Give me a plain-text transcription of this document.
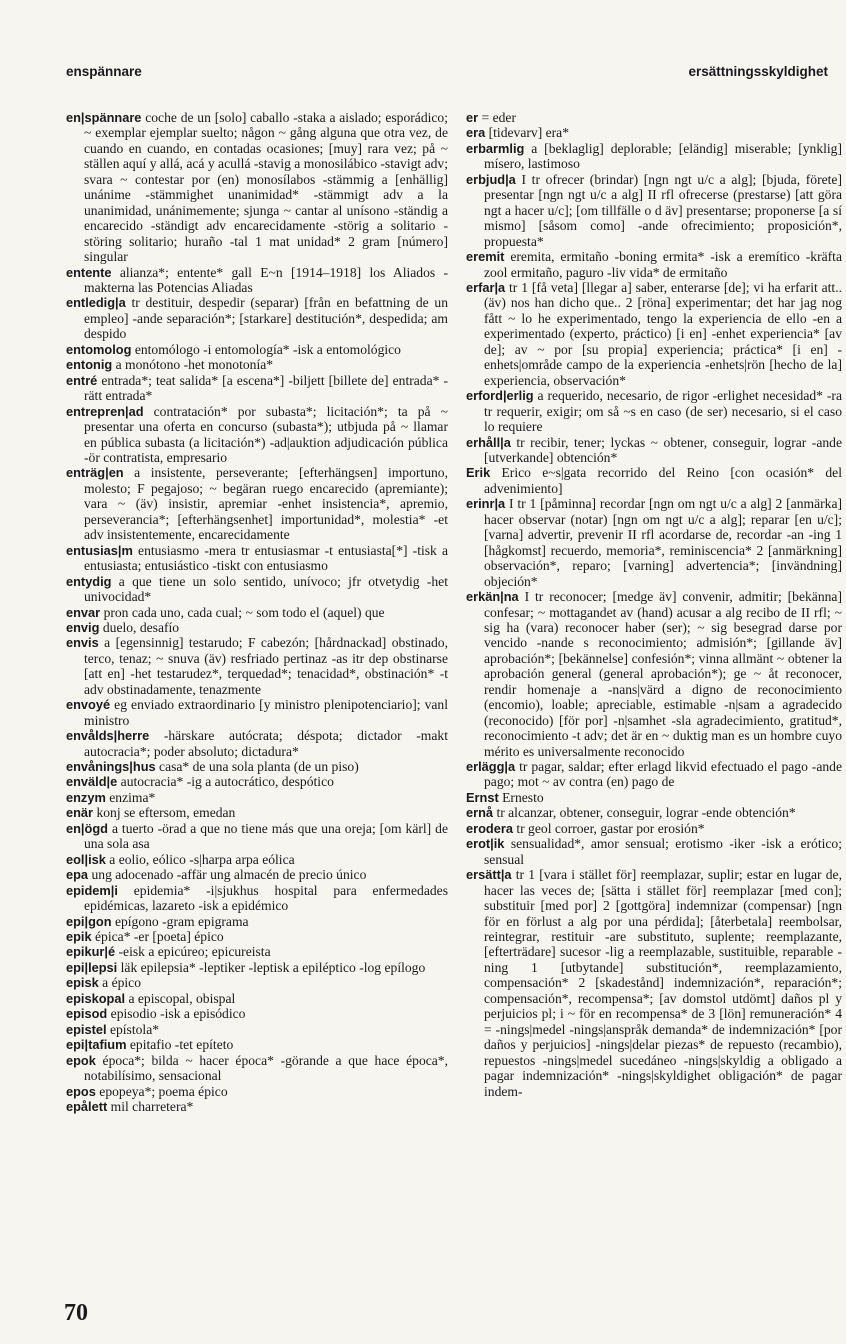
enspännare	ersättningsskyldighet

en|spännare coche de un [solo] caballo -staka a aislado; esporádico; ~ exemplar ejemplar suelto; någon ~ gång alguna que otra vez, de cuando en cuando, en contadas ocasiones; [muy] rara vez; på ~ ställen aquí y allá, acá y acullá -stavig a monosilábico -stavigt adv; svara ~ contestar por (en) monosílabos -stämmig a [enhällig] unánime -stämmighet unanimidad* -stämmigt adv a la unanimidad, unánimemente; sjunga ~ cantar al unísono -ständig a encarecido -ständigt adv encarecidamente -störig a solitario -störing solitario; huraño -tal 1 mat unidad* 2 gram [número] singular

entente alianza*; entente* gall E~n [1914–1918] los Aliados -makterna las Potencias Aliadas

entledig|a tr destituir, despedir (separar) [från en befattning de un empleo] -ande separación*; [starkare] destitución*, despedida; am despido

entomolog entomólogo -i entomología* -isk a entomológico

entonig a monótono -het monotonía*

entré entrada*; teat salida* [a escena*] -biljett [billete de] entrada* -rätt entrada*

entrepren|ad contratación* por subasta*; licitación*; ta på ~ presentar una oferta en concurso (subasta*); utbjuda på ~ llamar en pública subasta (a licitación*) -ad|auktion adjudicación pública -ör contratista, empresario

enträg|en a insistente, perseverante; [efterhängsen] importuno, molesto; F pegajoso; ~ begäran ruego encarecido (apremiante); vara ~ (äv) insistir, apremiar -enhet insistencia*, apremio, perseverancia*; [efterhängsenhet] importunidad*, molestia* -et adv insistentemente, encarecidamente

entusias|m entusiasmo -mera tr entusiasmar -t entusiasta[*] -tisk a entusiasta; entusiástico -tiskt con entusiasmo

entydig a que tiene un solo sentido, unívoco; jfr otvetydig -het univocidad*

envar pron cada uno, cada cual; ~ som todo el (aquel) que

envig duelo, desafío

envis a [egensinnig] testarudo; F cabezón; [hårdnackad] obstinado, terco, tenaz; ~ snuva (äv) resfriado pertinaz -as itr dep obstinarse [att en] -het testarudez*, terquedad*; tenacidad*, obstinación* -t adv obstinadamente, tenazmente

envoyé eg enviado extraordinario [y ministro plenipotenciario]; vanl ministro

envålds|herre -härskare autócrata; déspota; dictador -makt autocracia*; poder absoluto; dictadura*

envånings|hus casa* de una sola planta (de un piso)

enväld|e autocracia* -ig a autocrático, despótico

enzym enzima*

enär konj se eftersom, emedan

en|ögd a tuerto -örad a que no tiene más que una oreja; [om kärl] de una sola asa

eol|isk a eolio, eólico -s|harpa arpa eólica

epa ung adocenado -affär ung almacén de precio único

epidem|i epidemia* -i|sjukhus hospital para enfermedades epidémicas, lazareto -isk a epidémico

epi|gon epígono -gram epigrama

epik épica* -er [poeta] épico

epikur|é -eisk a epicúreo; epicureista

epi|lepsi läk epilepsia* -leptiker -leptisk a epiléptico -log epílogo

episk a épico

episkopal a episcopal, obispal

episod episodio -isk a episódico

epistel epístola*

epi|tafium epitafio -tet epíteto

epok época*; bilda ~ hacer época* -görande a que hace época*, notabilísimo, sensacional

epos epopeya*; poema épico

epålett mil charretera*

er = eder

era [tidevarv] era*

erbarmlig a [beklaglig] deplorable; [eländig] miserable; [ynklig] mísero, lastimoso

erbjud|a I tr ofrecer (brindar) [ngn ngt u/c a alg]; [bjuda, förete] presentar [ngn ngt u/c a alg] II rfl ofrecerse (prestarse) [att göra ngt a hacer u/c]; [om tillfälle o d äv] presentarse; proponerse [a sí mismo] [såsom como] -ande ofrecimiento; proposición*, propuesta*

eremit eremita, ermitaño -boning ermita* -isk a eremítico -kräfta zool ermitaño, paguro -liv vida* de ermitaño

erfar|a tr 1 [få veta] [llegar a] saber, enterarse [de]; vi ha erfarit att.. (äv) nos han dicho que.. 2 [röna] experimentar; det har jag nog fått ~ lo he experimentado, tengo la experiencia de ello -en a experimentado (experto, práctico) [i en] -enhet experiencia* [av de]; av ~ por [su propia] experiencia; práctica* [i en] -enhets|område campo de la experiencia -enhets|rön [hecho de la] experiencia, observación*

erford|erlig a requerido, necesario, de rigor -erlighet necesidad* -ra tr requerir, exigir; om så ~s en caso (de ser) necesario, si el caso lo requiere

erhåll|a tr recibir, tener; lyckas ~ obtener, conseguir, lograr -ande [utverkande] obtención*

Erik Erico e~s|gata recorrido del Reino [con ocasión* del advenimiento]

erinr|a I tr 1 [påminna] recordar [ngn om ngt u/c a alg] 2 [anmärka] hacer observar (notar) [ngn om ngt u/c a alg]; reparar [en u/c]; [varna] advertir, prevenir II rfl acordarse de, recordar -an -ing 1 [hågkomst] recuerdo, memoria*, reminiscencia* 2 [anmärkning] observación*, reparo; [varning] advertencia*; [invändning] objeción*

erkän|na I tr reconocer; [medge äv] convenir, admitir; [bekänna] confesar; ~ mottagandet av (hand) acusar a alg recibo de II rfl; ~ sig ha (vara) reconocer haber (ser); ~ sig besegrad darse por vencido -nande s reconocimiento; admisión*; [gillande äv] aprobación*; [bekännelse] confesión*; vinna allmänt ~ obtener la aprobación general (general aprobación*); ge ~ åt reconocer, rendir homenaje a -nans|värd a digno de reconocimiento (encomio), loable; apreciable, estimable -n|sam a agradecido (reconocido) [för por] -n|samhet -sla agradecimiento, gratitud*, reconocimiento -t adv; det är en ~ duktig man es un hombre cuyo mérito es universalmente reconocido

erlägg|a tr pagar, saldar; efter erlagd likvid efectuado el pago -ande pago; mot ~ av contra (en) pago de

Ernst Ernesto

ernå tr alcanzar, obtener, conseguir, lograr -ende obtención*

erodera tr geol corroer, gastar por erosión*

erot|ik sensualidad*, amor sensual; erotismo -iker -isk a erótico; sensual

ersätt|a tr 1 [vara i stället för] reemplazar, suplir; estar en lugar de, hacer las veces de; [sätta i stället för] reemplazar [med con]; substituir [med por] 2 [gottgöra] indemnizar (compensar) [ngn för en förlust a alg por una pérdida]; [återbetala] reembolsar, reintegrar, restituir -are substituto, suplente; reemplazante, [efterträdare] sucesor -lig a reemplazable, sustituible, reparable -ning 1 [utbytande] substitución*, reemplazamiento, compensación* 2 [skadestånd] indemnización*, reparación*; compensación*, recompensa*; [av domstol utdömt] daños pl y perjuicios pl; i ~ för en recompensa* de 3 [lön] remuneración* 4 = -nings|medel -nings|anspråk demanda* de indemnización* [por daños y perjuicios] -nings|delar piezas* de repuesto (recambio), repuestos -nings|medel sucedáneo -nings|skyldig a obligado a pagar indemnización* -nings|skyldighet obligación* de pagar indem-

70
